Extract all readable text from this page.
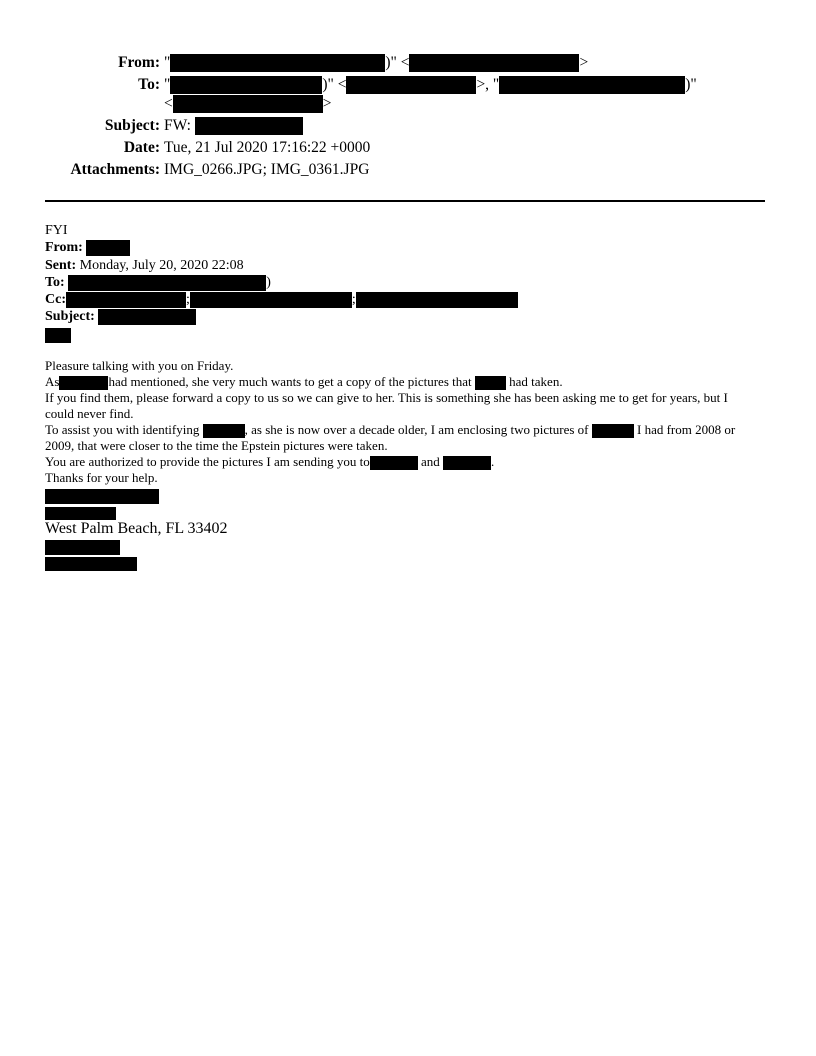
From: "	)" <	>
To: "	)" <	>, "	)"
<	>
Subject: FW:
Date: Tue, 21 Jul 2020 17:16:22 +0000
Attachments: IMG_0266.JPG; IMG_0361.JPG
FYI
From:
Sent: Monday, July 20, 2020 22:08
To:	)
Cc:	;	;
Subject:
Pleasure talking with you on Friday.
As	had mentioned, she very much wants to get a copy of the pictures that	had taken.
If you find them, please forward a copy to us so we can give to her. This is something she has been asking me to get for years, but I
could never find.
To assist you with identifying	, as she is now over a decade older, I am enclosing two pictures of	I had from 2008 or
2009, that were closer to the time the Epstein pictures were taken.
You are authorized to provide the pictures I am sending you to	and	.
Thanks for your help.
West Palm Beach, FL 33402
